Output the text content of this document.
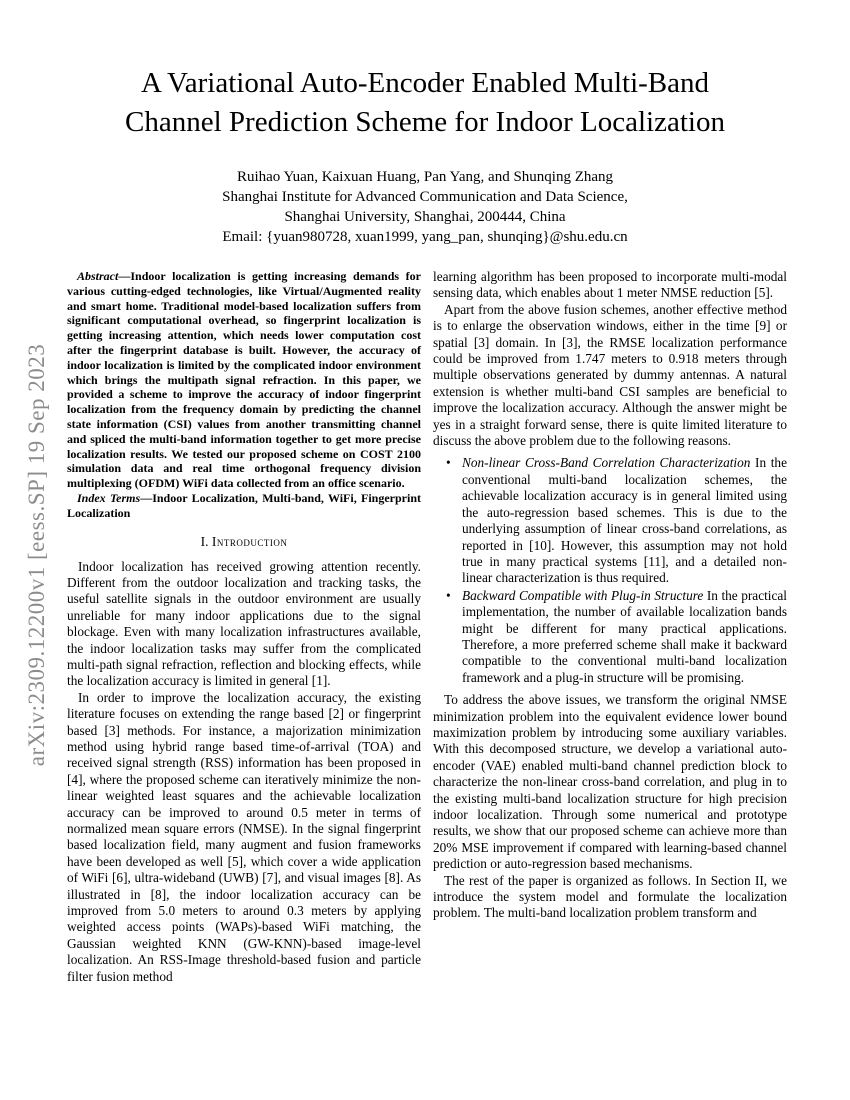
arXiv:2309.12200v1 [eess.SP] 19 Sep 2023
A Variational Auto-Encoder Enabled Multi-Band
Channel Prediction Scheme for Indoor Localization
Ruihao Yuan, Kaixuan Huang, Pan Yang, and Shunqing Zhang
Shanghai Institute for Advanced Communication and Data Science,
Shanghai University, Shanghai, 200444, China
Email: {yuan980728, xuan1999, yang_pan, shunqing}@shu.edu.cn

Abstract—Indoor localization is getting increasing demands for various cutting-edged technologies, like Virtual/Augmented reality and smart home. Traditional model-based localization suffers from significant computational overhead, so fingerprint localization is getting increasing attention, which needs lower computation cost after the fingerprint database is built. However, the accuracy of indoor localization is limited by the complicated indoor environment which brings the multipath signal refraction. In this paper, we provided a scheme to improve the accuracy of indoor fingerprint localization from the frequency domain by predicting the channel state information (CSI) values from another transmitting channel and spliced the multi-band information together to get more precise localization results. We tested our proposed scheme on COST 2100 simulation data and real time orthogonal frequency division multiplexing (OFDM) WiFi data collected from an office scenario.

Index Terms—Indoor Localization, Multi-band, WiFi, Fingerprint Localization

I. Introduction

Indoor localization has received growing attention recently. Different from the outdoor localization and tracking tasks, the useful satellite signals in the outdoor environment are usually unreliable for many indoor applications due to the signal blockage. Even with many localization infrastructures available, the indoor localization tasks may suffer from the complicated multi-path signal refraction, reflection and blocking effects, while the localization accuracy is limited in general [1].

In order to improve the localization accuracy, the existing literature focuses on extending the range based [2] or fingerprint based [3] methods. For instance, a majorization minimization method using hybrid range based time-of-arrival (TOA) and received signal strength (RSS) information has been proposed in [4], where the proposed scheme can iteratively minimize the non-linear weighted least squares and the achievable localization accuracy can be improved to around 0.5 meter in terms of normalized mean square errors (NMSE). In the signal fingerprint based localization field, many augment and fusion frameworks have been developed as well [5], which cover a wide application of WiFi [6], ultra-wideband (UWB) [7], and visual images [8]. As illustrated in [8], the indoor localization accuracy can be improved from 5.0 meters to around 0.3 meters by applying weighted access points (WAPs)-based WiFi matching, the Gaussian weighted KNN (GW-KNN)-based image-level localization. An RSS-Image threshold-based fusion and particle filter fusion method

learning algorithm has been proposed to incorporate multi-modal sensing data, which enables about 1 meter NMSE reduction [5].

Apart from the above fusion schemes, another effective method is to enlarge the observation windows, either in the time [9] or spatial [3] domain. In [3], the RMSE localization performance could be improved from 1.747 meters to 0.918 meters through multiple observations generated by dummy antennas. A natural extension is whether multi-band CSI samples are beneficial to improve the localization accuracy. Although the answer might be yes in a straight forward sense, there is quite limited literature to discuss the above problem due to the following reasons.

• Non-linear Cross-Band Correlation Characterization In the conventional multi-band localization schemes, the achievable localization accuracy is in general limited using the auto-regression based schemes. This is due to the underlying assumption of linear cross-band correlations, as reported in [10]. However, this assumption may not hold true in many practical systems [11], and a detailed non-linear characterization is thus required.
• Backward Compatible with Plug-in Structure In the practical implementation, the number of available localization bands might be different for many practical applications. Therefore, a more preferred scheme shall make it backward compatible to the conventional multi-band localization framework and a plug-in structure will be promising.

To address the above issues, we transform the original NMSE minimization problem into the equivalent evidence lower bound maximization problem by introducing some auxiliary variables. With this decomposed structure, we develop a variational auto-encoder (VAE) enabled multi-band channel prediction block to characterize the non-linear cross-band correlation, and plug in to the existing multi-band localization structure for high precision indoor localization. Through some numerical and prototype results, we show that our proposed scheme can achieve more than 20% MSE improvement if compared with learning-based channel prediction or auto-regression based mechanisms.

The rest of the paper is organized as follows. In Section II, we introduce the system model and formulate the localization problem. The multi-band localization problem transform and
